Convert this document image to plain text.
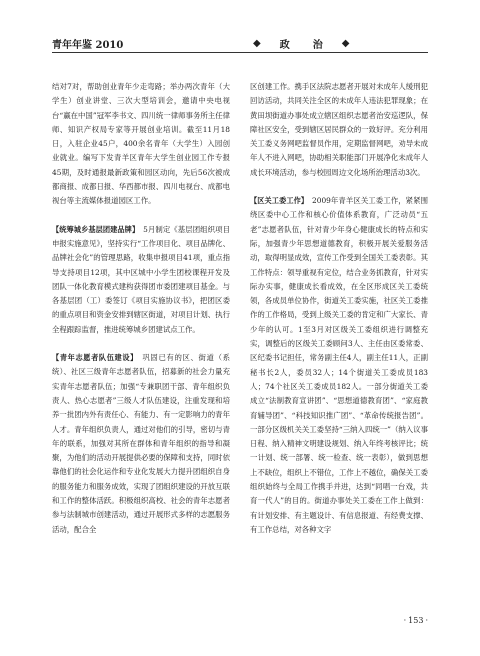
青年年鉴 2010	◆ 政　　治 ◆

结对7对，帮助创业青年少走弯路；举办两次青年（大学生）创业讲堂、三次大型培训会，邀请中央电视台“赢在中国”冠军李书文、四川统一律师事务所主任律师、知识产权局专家等开展创业培训。截至11月18日，入驻企业45户，400余名青年（大学生）入园创业就业。编写下发青羊区青年大学生创业园工作专报45期，及时通报最新政策和园区动向，先后56次被成都商报、成都日报、华西都市报、四川电视台、成都电视台等主流媒体报道园区工作。

【统筹城乡基层团建品牌】　 5月制定《基层团组织项目申报实施意见》，坚持实行“工作项目化、项目品牌化、品牌社会化”的管理思路，收集申报项目41项，重点指导支持项目12项，其中区城中小学生团校课程开发及团队一体化教育模式建构获得团市委团建项目基金。与各基层团（工）委签订《项目实施协议书》，把团区委的重点项目和资金安排到辖区街道，对项目计划、执行全程跟踪监督，推进统筹城乡团建试点工作。

【青年志愿者队伍建设】　 巩固已有的区、街道（系统）、社区三级青年志愿者队伍，招募新的社会力量充实青年志愿者队伍；加强“专兼职团干部、青年组织负责人、热心志愿者”三级人才队伍建设，注重发现和培养一批团内外有责任心、有能力、有一定影响力的青年人才。青年组织负责人，通过对他们的引导，密切与青年的联系，加强对其所在群体和青年组织的指导和凝聚，为他们的活动开展提供必要的保障和支持，同时依靠他们的社会化运作和专业化发展大力提升团组织自身的服务能力和服务成效，实现了团组织建设的开放互联和工作的整体活跃。积极组织高校、社会的青年志愿者参与法制城市创建活动，通过开展形式多样的志愿服务活动，配合全

区创建工作。携手区法院志愿者开展对未成年人缓刑犯回访活动，共同关注全区的未成年人违法犯罪现象；在黄田坝街道办事处成立辖区组织志愿者治安巡逻队，保障社区安全，受到辖区居民群众的一致好评。充分利用关工委义务网吧监督员作用，定期监督网吧，劝导未成年人不进入网吧，协助相关职能部门开展净化未成年人成长环境活动，参与校园周边文化场所治理活动3次。

【区关工委工作】　 2009年青羊区关工委工作，紧紧围绕区委中心工作和核心价值体系教育，广泛动员“五老”志愿者队伍，针对青少年身心健康成长的特点和实际，加强青少年思想道德教育，积极开展关爱服务活动，取得明显成效，宣传工作受到全国关工委表彰。其工作特点：领导重视有定位，结合业务抓教育，针对实际办实事，健康成长看成效，在全区形成区关工委统领，各成员单位协作，街道关工委实施，社区关工委推作的工作格局，受到上级关工委的肯定和广大家长、青少年的认可。1至3月对区级关工委组织进行调整充实，调整后的区级关工委顾问3人、主任由区委常委、区纪委书记担任，常务副主任4人，副主任11人，正副秘书长2人，委员32人；14个街道关工委成员183人；74个社区关工委成员182人。一部分街道关工委成立“法制教育宣讲团”、“思想道德教育团”、“家庭教育辅导团”、“科技知识推广团”、“革命传统报告团”。一部分区级机关关工委坚持“三纳入四统一”（纳入议事日程、纳入精神文明建设规划、纳入年终考核评比；统一计划、统一部署、统一检查、统一表彰），做到思想上不缺位，组织上不错位，工作上不越位，确保关工委组织始终与全局工作携手并进，达到“同唱一台戏，共育一代人”的目的。街道办事处关工委在工作上做到：有计划安排、有主题设计、有信息报道、有经费支撑、有工作总结，对各种文字

· 153 ·
